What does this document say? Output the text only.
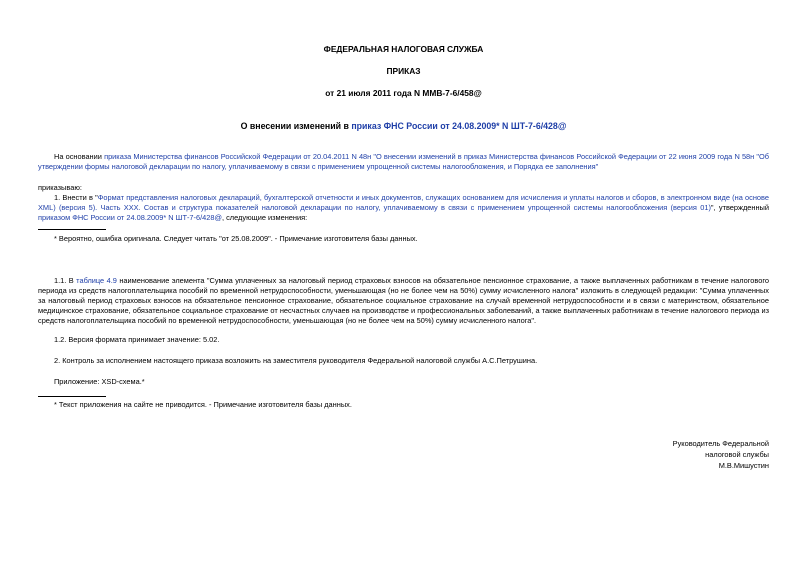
ФЕДЕРАЛЬНАЯ НАЛОГОВАЯ СЛУЖБА
ПРИКАЗ
от 21 июля 2011 года N ММВ-7-6/458@
О внесении изменений в приказ ФНС России от 24.08.2009* N ШТ-7-6/428@
На основании приказа Министерства финансов Российской Федерации от 20.04.2011 N 48н "О внесении изменений в приказ Министерства финансов Российской Федерации от 22 июня 2009 года N 58н "Об утверждении формы налоговой декларации по налогу, уплачиваемому в связи с применением упрощенной системы налогообложения, и Порядка ее заполнения"
приказываю:
1. Внести в "Формат представления налоговых деклараций, бухгалтерской отчетности и иных документов, служащих основанием для исчисления и уплаты налогов и сборов, в электронном виде (на основе XML) (версия 5). Часть XXX. Состав и структура показателей налоговой декларации по налогу, уплачиваемому в связи с применением упрощенной системы налогообложения (версия 01)", утвержденный приказом ФНС России от 24.08.2009* N ШТ-7-6/428@, следующие изменения:
* Вероятно, ошибка оригинала. Следует читать "от 25.08.2009". - Примечание изготовителя базы данных.
1.1. В таблице 4.9 наименование элемента "Сумма уплаченных за налоговый период страховых взносов на обязательное пенсионное страхование, а также выплаченных работникам в течение налогового периода из средств налогоплательщика пособий по временной нетрудоспособности, уменьшающая (но не более чем на 50%) сумму исчисленного налога" изложить в следующей редакции: "Сумма уплаченных за налоговый период страховых взносов на обязательное пенсионное страхование, обязательное социальное страхование на случай временной нетрудоспособности и в связи с материнством, обязательное медицинское страхование, обязательное социальное страхование от несчастных случаев на производстве и профессиональных заболеваний, а также выплаченных работникам в течение налогового периода из средств налогоплательщика пособий по временной нетрудоспособности, уменьшающая (но не более чем на 50%) сумму исчисленного налога".
1.2. Версия формата принимает значение: 5.02.
2. Контроль за исполнением настоящего приказа возложить на заместителя руководителя Федеральной налоговой службы А.С.Петрушина.
Приложение: XSD-схема.*
* Текст приложения на сайте не приводится. - Примечание изготовителя базы данных.
Руководитель Федеральной
налоговой службы
М.В.Мишустин
